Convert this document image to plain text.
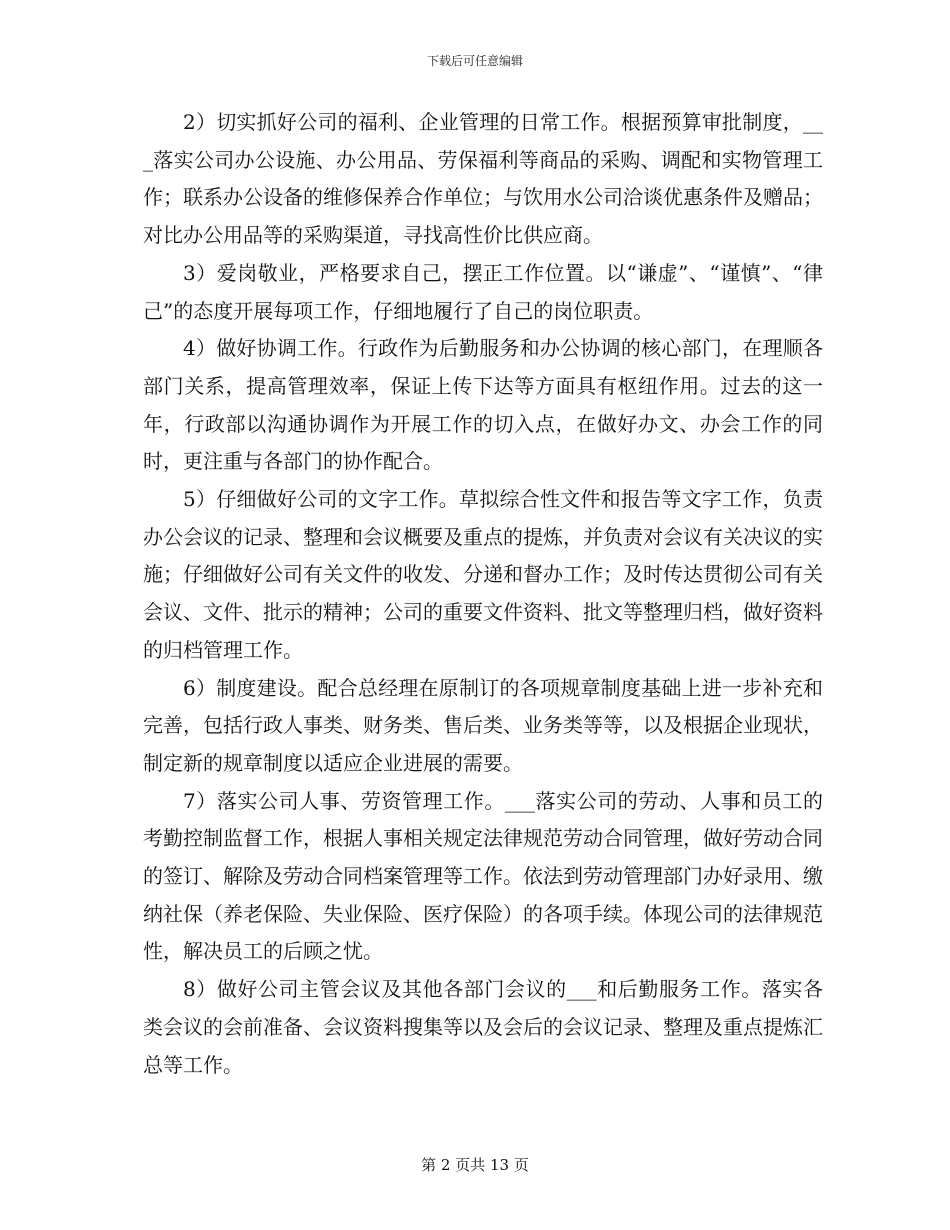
下载后可任意编辑

2）切实抓好公司的福利、企业管理的日常工作。根据预算审批制度，___落实公司办公设施、办公用品、劳保福利等商品的采购、调配和实物管理工作；联系办公设备的维修保养合作单位；与饮用水公司洽谈优惠条件及赠品；对比办公用品等的采购渠道，寻找高性价比供应商。

3）爱岗敬业，严格要求自己，摆正工作位置。以“谦虚”、“谨慎”、“律己”的态度开展每项工作，仔细地履行了自己的岗位职责。

4）做好协调工作。行政作为后勤服务和办公协调的核心部门，在理顺各部门关系，提高管理效率，保证上传下达等方面具有枢纽作用。过去的这一年，行政部以沟通协调作为开展工作的切入点，在做好办文、办会工作的同时，更注重与各部门的协作配合。

5）仔细做好公司的文字工作。草拟综合性文件和报告等文字工作，负责办公会议的记录、整理和会议概要及重点的提炼，并负责对会议有关决议的实施；仔细做好公司有关文件的收发、分递和督办工作；及时传达贯彻公司有关会议、文件、批示的精神；公司的重要文件资料、批文等整理归档，做好资料的归档管理工作。

6）制度建设。配合总经理在原制订的各项规章制度基础上进一步补充和完善，包括行政人事类、财务类、售后类、业务类等等，以及根据企业现状，制定新的规章制度以适应企业进展的需要。

7）落实公司人事、劳资管理工作。___落实公司的劳动、人事和员工的考勤控制监督工作，根据人事相关规定法律规范劳动合同管理，做好劳动合同的签订、解除及劳动合同档案管理等工作。依法到劳动管理部门办好录用、缴纳社保（养老保险、失业保险、医疗保险）的各项手续。体现公司的法律规范性，解决员工的后顾之忧。

8）做好公司主管会议及其他各部门会议的___和后勤服务工作。落实各类会议的会前准备、会议资料搜集等以及会后的会议记录、整理及重点提炼汇总等工作。

第 2 页共 13 页
